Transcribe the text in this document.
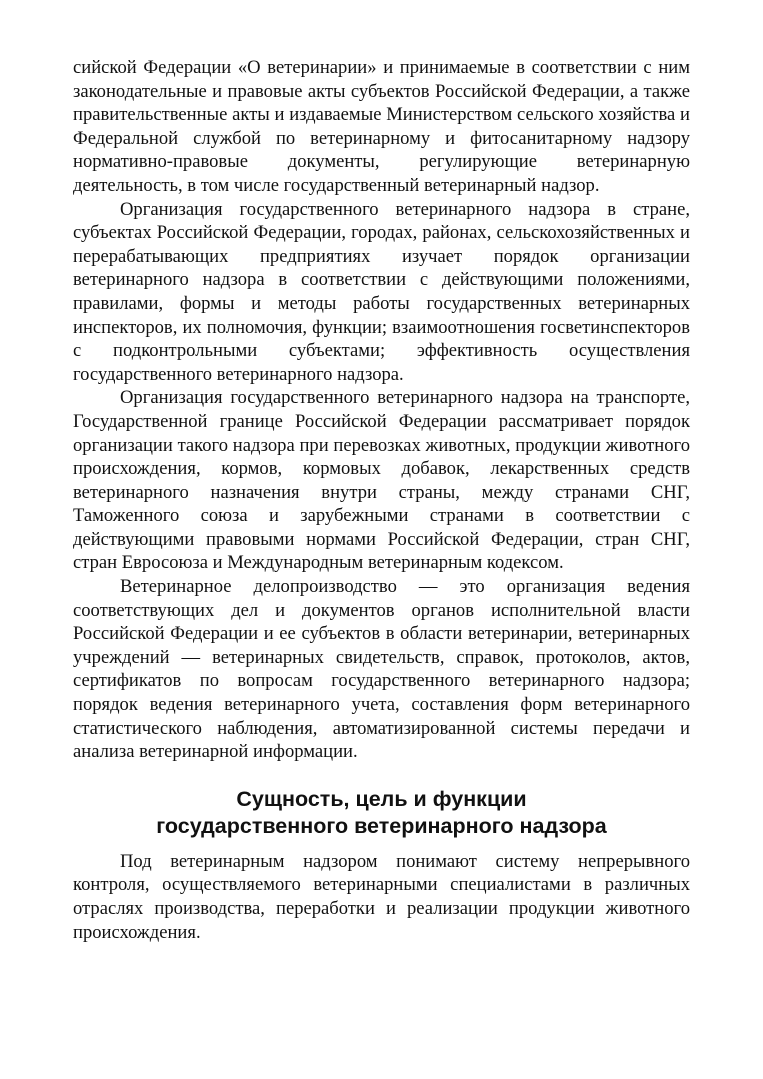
сийской Федерации «О ветеринарии» и принимаемые в соответствии с ним законодательные и правовые акты субъектов Российской Федерации, а также правительственные акты и издаваемые Министерством сельского хозяйства и Федеральной службой по ветеринарному и фитосанитарному надзору нормативно-правовые документы, регулирующие ветеринарную деятельность, в том числе государственный ветеринарный надзор.

Организация государственного ветеринарного надзора в стране, субъектах Российской Федерации, городах, районах, сельскохозяйственных и перерабатывающих предприятиях изучает порядок организации ветеринарного надзора в соответствии с действующими положениями, правилами, формы и методы работы государственных ветеринарных инспекторов, их полномочия, функции; взаимоотношения госветинспекторов с подконтрольными субъектами; эффективность осуществления государственного ветеринарного надзора.

Организация государственного ветеринарного надзора на транспорте, Государственной границе Российской Федерации рассматривает порядок организации такого надзора при перевозках животных, продукции животного происхождения, кормов, кормовых добавок, лекарственных средств ветеринарного назначения внутри страны, между странами СНГ, Таможенного союза и зарубежными странами в соответствии с действующими правовыми нормами Российской Федерации, стран СНГ, стран Евросоюза и Международным ветеринарным кодексом.

Ветеринарное делопроизводство — это организация ведения соответствующих дел и документов органов исполнительной власти Российской Федерации и ее субъектов в области ветеринарии, ветеринарных учреждений — ветеринарных свидетельств, справок, протоколов, актов, сертификатов по вопросам государственного ветеринарного надзора; порядок ведения ветеринарного учета, составления форм ветеринарного статистического наблюдения, автоматизированной системы передачи и анализа ветеринарной информации.

Сущность, цель и функции
государственного ветеринарного надзора

Под ветеринарным надзором понимают систему непрерывного контроля, осуществляемого ветеринарными специалистами в различных отраслях производства, переработки и реализации продукции животного происхождения.
